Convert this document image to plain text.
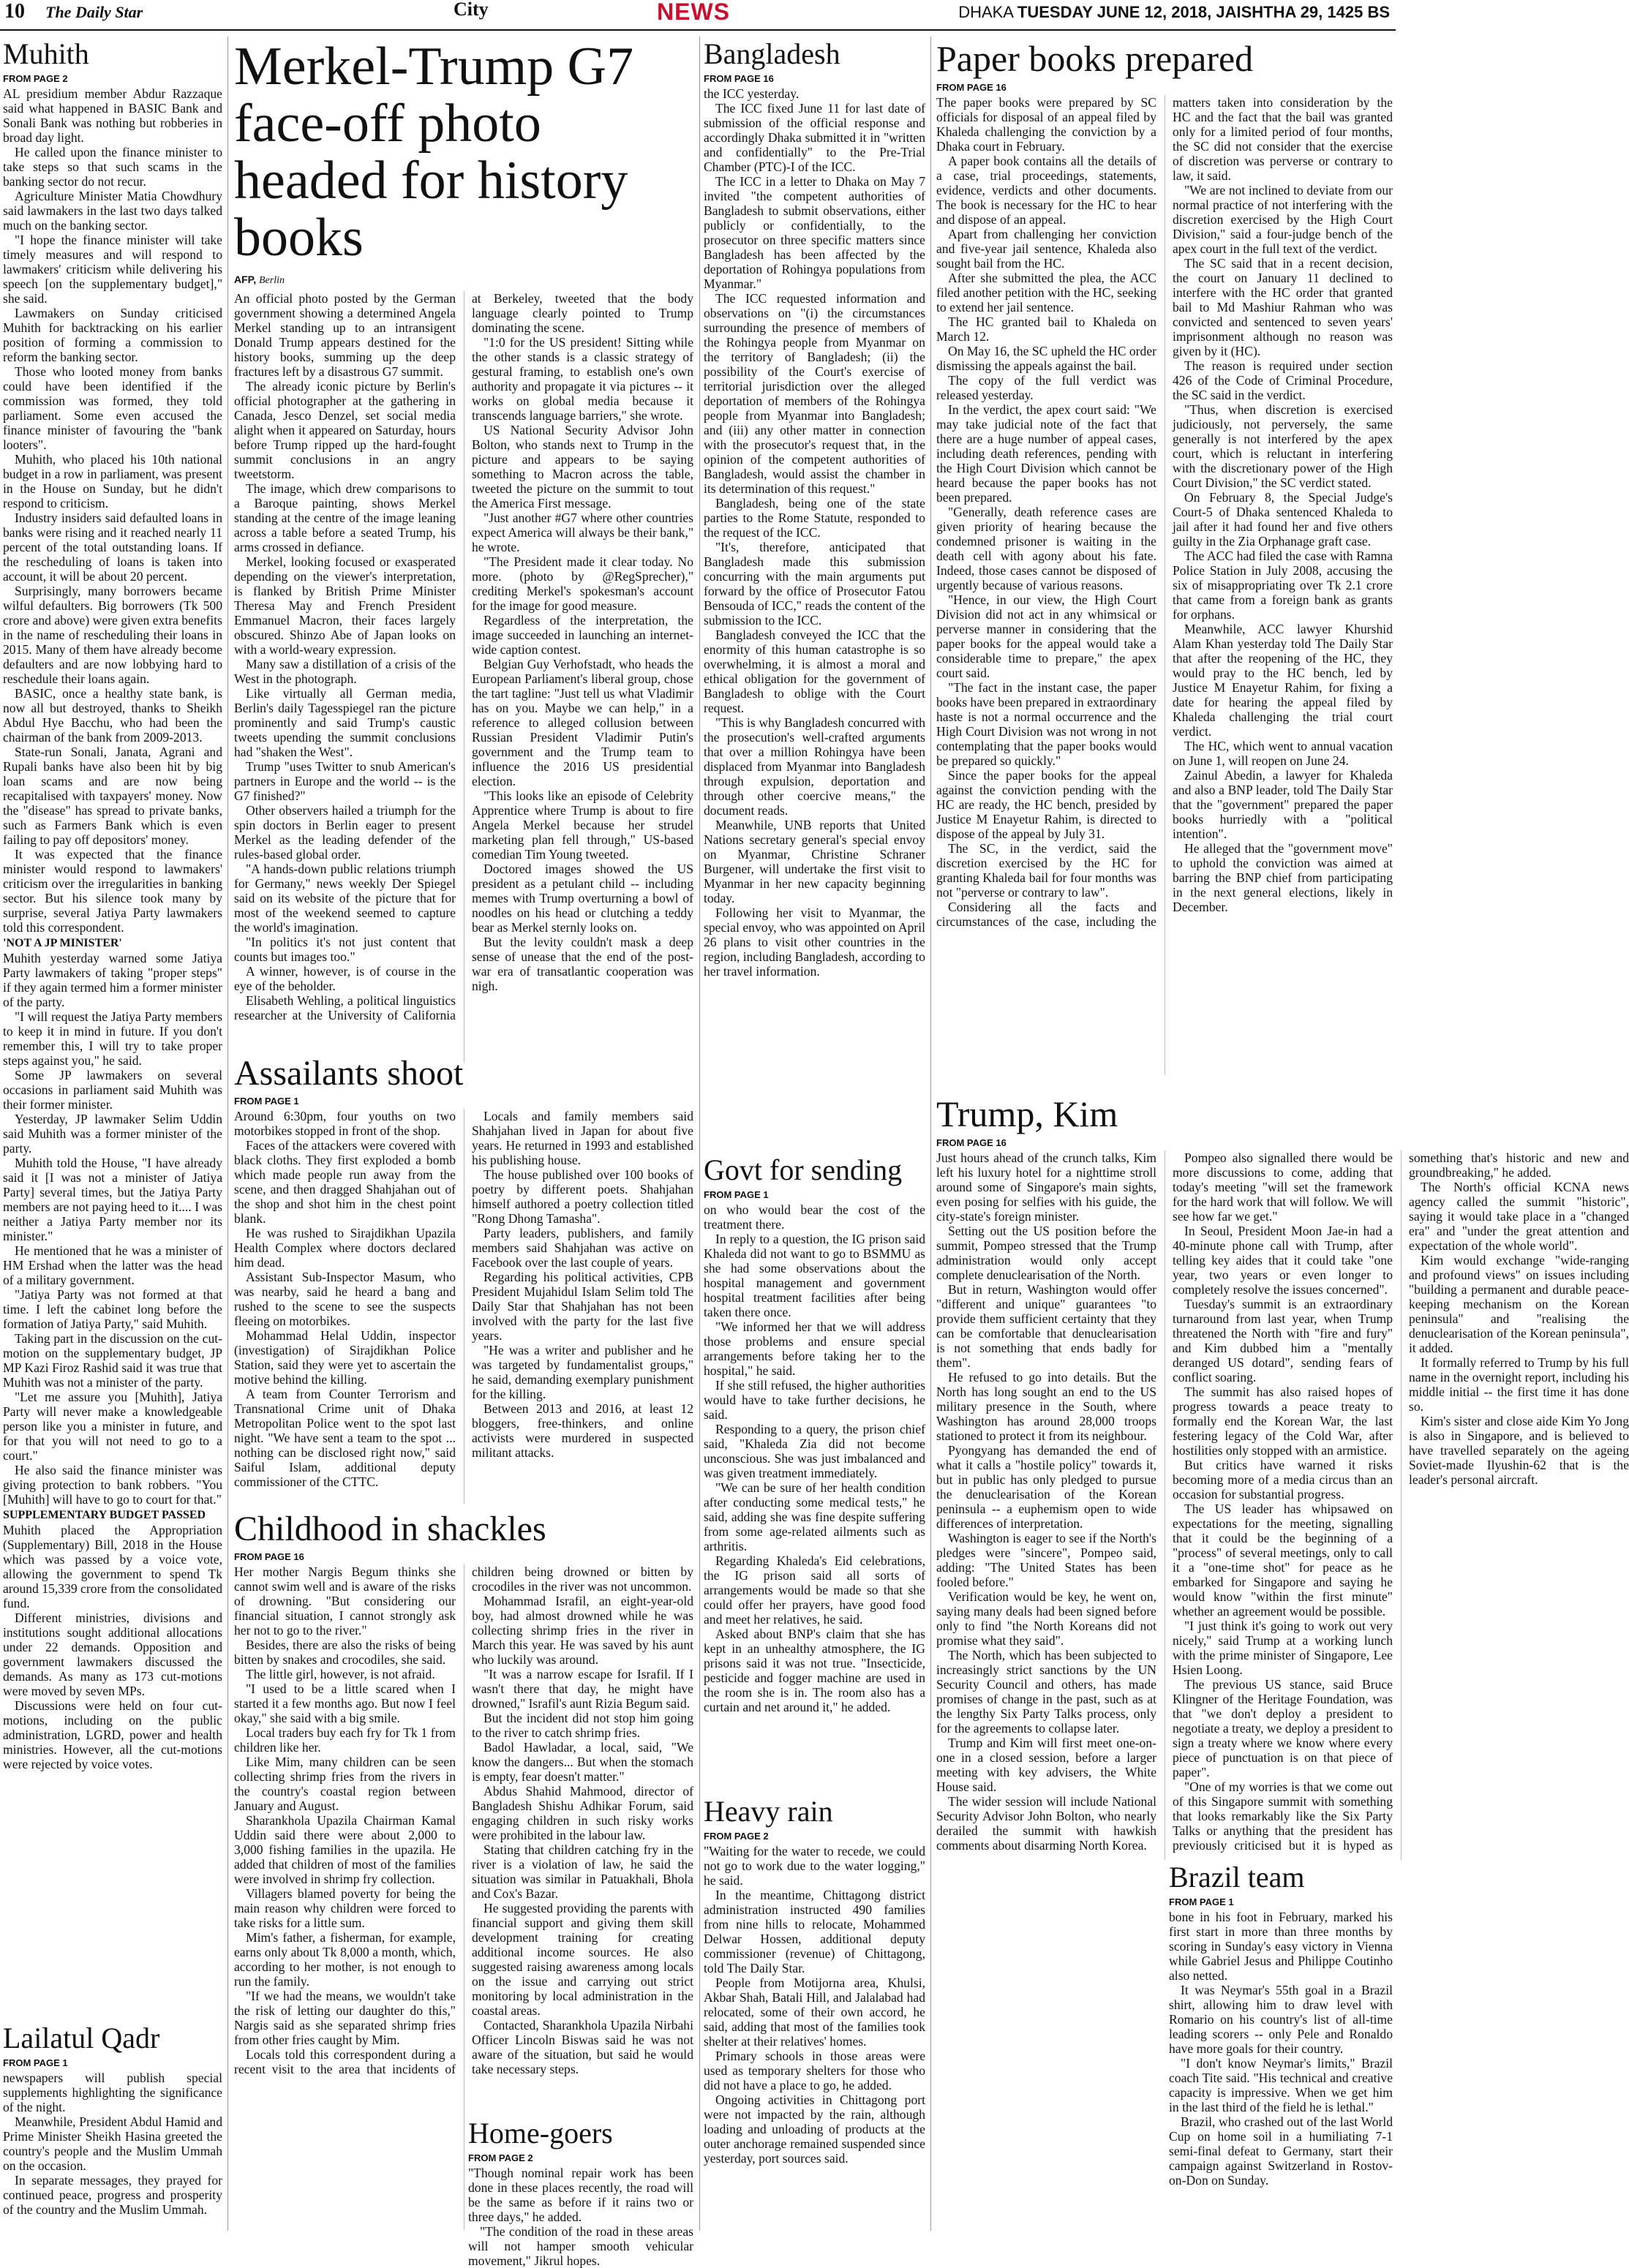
10 The Daily Star	City	NEWS	DHAKA TUESDAY JUNE 12, 2018, JAISHTHA 29, 1425 BS
Muhith
FROM PAGE 2

AL presidium member Abdur Razzaque said what happened in BASIC Bank and Sonali Bank was nothing but robberies in broad day light.

He called upon the finance minister to take steps so that such scams in the banking sector do not recur.

Agriculture Minister Matia Chowdhury said lawmakers in the last two days talked much on the banking sector.

"I hope the finance minister will take timely measures and will respond to lawmakers' criticism while delivering his speech [on the supplementary budget]," she said.

Lawmakers on Sunday criticised Muhith for backtracking on his earlier position of forming a commission to reform the banking sector.

Those who looted money from banks could have been identified if the commission was formed, they told parliament. Some even accused the finance minister of favouring the "bank looters".

Muhith, who placed his 10th national budget in a row in parliament, was present in the House on Sunday, but he didn't respond to criticism.

Industry insiders said defaulted loans in banks were rising and it reached nearly 11 percent of the total outstanding loans. If the rescheduling of loans is taken into account, it will be about 20 percent.

Surprisingly, many borrowers became wilful defaulters. Big borrowers (Tk 500 crore and above) were given extra benefits in the name of rescheduling their loans in 2015. Many of them have already become defaulters and are now lobbying hard to reschedule their loans again.

BASIC, once a healthy state bank, is now all but destroyed, thanks to Sheikh Abdul Hye Bacchu, who had been the chairman of the bank from 2009-2013.

State-run Sonali, Janata, Agrani and Rupali banks have also been hit by big loan scams and are now being recapitalised with taxpayers' money. Now the "disease" has spread to private banks, such as Farmers Bank which is even failing to pay off depositors' money.

It was expected that the finance minister would respond to lawmakers' criticism over the irregularities in banking sector. But his silence took many by surprise, several Jatiya Party lawmakers told this correspondent.

'NOT A JP MINISTER'

Muhith yesterday warned some Jatiya Party lawmakers of taking "proper steps" if they again termed him a former minister of the party.

"I will request the Jatiya Party members to keep it in mind in future. If you don't remember this, I will try to take proper steps against you," he said.

Some JP lawmakers on several occasions in parliament said Muhith was their former minister.

Yesterday, JP lawmaker Selim Uddin said Muhith was a former minister of the party.

Muhith told the House, "I have already said it [I was not a minister of Jatiya Party] several times, but the Jatiya Party members are not paying heed to it.... I was neither a Jatiya Party member nor its minister."

He mentioned that he was a minister of HM Ershad when the latter was the head of a military government.

"Jatiya Party was not formed at that time. I left the cabinet long before the formation of Jatiya Party," said Muhith.

Taking part in the discussion on the cut-motion on the supplementary budget, JP MP Kazi Firoz Rashid said it was true that Muhith was not a minister of the party.

"Let me assure you [Muhith], Jatiya Party will never make a knowledgeable person like you a minister in future, and for that you will not need to go to a court."

He also said the finance minister was giving protection to bank robbers. "You [Muhith] will have to go to court for that."

SUPPLEMENTARY BUDGET PASSED

Muhith placed the Appropriation (Supplementary) Bill, 2018 in the House which was passed by a voice vote, allowing the government to spend Tk around 15,339 crore from the consolidated fund.

Different ministries, divisions and institutions sought additional allocations under 22 demands. Opposition and government lawmakers discussed the demands. As many as 173 cut-motions were moved by seven MPs.

Discussions were held on four cut-motions, including on the public administration, LGRD, power and health ministries. However, all the cut-motions were rejected by voice votes.

Lailatul Qadr
FROM PAGE 1

newspapers will publish special supplements highlighting the significance of the night.

Meanwhile, President Abdul Hamid and Prime Minister Sheikh Hasina greeted the country's people and the Muslim Ummah on the occasion.

In separate messages, they prayed for continued peace, progress and prosperity of the country and the Muslim Ummah.

Merkel-Trump G7 face-off photo headed for history books
AFP, Berlin

An official photo posted by the German government showing a determined Angela Merkel standing up to an intransigent Donald Trump appears destined for the history books, summing up the deep fractures left by a disastrous G7 summit.

The already iconic picture by Berlin's official photographer at the gathering in Canada, Jesco Denzel, set social media alight when it appeared on Saturday, hours before Trump ripped up the hard-fought summit conclusions in an angry tweetstorm.

The image, which drew comparisons to a Baroque painting, shows Merkel standing at the centre of the image leaning across a table before a seated Trump, his arms crossed in defiance.

Merkel, looking focused or exasperated depending on the viewer's interpretation, is flanked by British Prime Minister Theresa May and French President Emmanuel Macron, their faces largely obscured. Shinzo Abe of Japan looks on with a world-weary expression.

Many saw a distillation of a crisis of the West in the photograph.

Like virtually all German media, Berlin's daily Tagesspiegel ran the picture prominently and said Trump's caustic tweets upending the summit conclusions had "shaken the West".

Trump "uses Twitter to snub American's partners in Europe and the world -- is the G7 finished?"

Other observers hailed a triumph for the spin doctors in Berlin eager to present Merkel as the leading defender of the rules-based global order.

"A hands-down public relations triumph for Germany," news weekly Der Spiegel said on its website of the picture that for most of the weekend seemed to capture the world's imagination.

"In politics it's not just content that counts but images too."

A winner, however, is of course in the eye of the beholder.

Elisabeth Wehling, a political linguistics researcher at the University of California at Berkeley, tweeted that the body language clearly pointed to Trump dominating the scene.

"1:0 for the US president! Sitting while the other stands is a classic strategy of gestural framing, to establish one's own authority and propagate it via pictures -- it works on global media because it transcends language barriers," she wrote.

US National Security Advisor John Bolton, who stands next to Trump in the picture and appears to be saying something to Macron across the table, tweeted the picture on the summit to tout the America First message.

"Just another #G7 where other countries expect America will always be their bank," he wrote.

"The President made it clear today. No more. (photo by @RegSprecher)," crediting Merkel's spokesman's account for the image for good measure.

Regardless of the interpretation, the image succeeded in launching an internet-wide caption contest.

Belgian Guy Verhofstadt, who heads the European Parliament's liberal group, chose the tart tagline: "Just tell us what Vladimir has on you. Maybe we can help," in a reference to alleged collusion between Russian President Vladimir Putin's government and the Trump team to influence the 2016 US presidential election.

"This looks like an episode of Celebrity Apprentice where Trump is about to fire Angela Merkel because her strudel marketing plan fell through," US-based comedian Tim Young tweeted.

Doctored images showed the US president as a petulant child -- including memes with Trump overturning a bowl of noodles on his head or clutching a teddy bear as Merkel sternly looks on.

But the levity couldn't mask a deep sense of unease that the end of the post-war era of transatlantic cooperation was nigh.

Assailants shoot
FROM PAGE 1

Around 6:30pm, four youths on two motorbikes stopped in front of the shop.

Faces of the attackers were covered with black cloths. They first exploded a bomb which made people run away from the scene, and then dragged Shahjahan out of the shop and shot him in the chest point blank.

He was rushed to Sirajdikhan Upazila Health Complex where doctors declared him dead.

Assistant Sub-Inspector Masum, who was nearby, said he heard a bang and rushed to the scene to see the suspects fleeing on motorbikes.

Mohammad Helal Uddin, inspector (investigation) of Sirajdikhan Police Station, said they were yet to ascertain the motive behind the killing.

A team from Counter Terrorism and Transnational Crime unit of Dhaka Metropolitan Police went to the spot last night. "We have sent a team to the spot ... nothing can be disclosed right now," said Saiful Islam, additional deputy commissioner of the CTTC.

Locals and family members said Shahjahan lived in Japan for about five years. He returned in 1993 and established his publishing house.

The house published over 100 books of poetry by different poets. Shahjahan himself authored a poetry collection titled "Rong Dhong Tamasha".

Party leaders, publishers, and family members said Shahjahan was active on Facebook over the last couple of years.

Regarding his political activities, CPB President Mujahidul Islam Selim told The Daily Star that Shahjahan has not been involved with the party for the last five years.

"He was a writer and publisher and he was targeted by fundamentalist groups," he said, demanding exemplary punishment for the killing.

Between 2013 and 2016, at least 12 bloggers, free-thinkers, and online activists were murdered in suspected militant attacks.

Childhood in shackles
FROM PAGE 16

Her mother Nargis Begum thinks she cannot swim well and is aware of the risks of drowning. "But considering our financial situation, I cannot strongly ask her not to go to the river."

Besides, there are also the risks of being bitten by snakes and crocodiles, she said.

The little girl, however, is not afraid.

"I used to be a little scared when I started it a few months ago. But now I feel okay," she said with a big smile.

Local traders buy each fry for Tk 1 from children like her.

Like Mim, many children can be seen collecting shrimp fries from the rivers in the country's coastal region between January and August.

Sharankhola Upazila Chairman Kamal Uddin said there were about 2,000 to 3,000 fishing families in the upazila. He added that children of most of the families were involved in shrimp fry collection.

Villagers blamed poverty for being the main reason why children were forced to take risks for a little sum.

Mim's father, a fisherman, for example, earns only about Tk 8,000 a month, which, according to her mother, is not enough to run the family.

"If we had the means, we wouldn't take the risk of letting our daughter do this," Nargis said as she separated shrimp fries from other fries caught by Mim.

Locals told this correspondent during a recent visit to the area that incidents of children being drowned or bitten by crocodiles in the river was not uncommon.

Mohammad Israfil, an eight-year-old boy, had almost drowned while he was collecting shrimp fries in the river in March this year. He was saved by his aunt who luckily was around.

"It was a narrow escape for Israfil. If I wasn't there that day, he might have drowned," Israfil's aunt Rizia Begum said.

But the incident did not stop him going to the river to catch shrimp fries.

Badol Hawladar, a local, said, "We know the dangers... But when the stomach is empty, fear doesn't matter."

Abdus Shahid Mahmood, director of Bangladesh Shishu Adhikar Forum, said engaging children in such risky works were prohibited in the labour law.

Stating that children catching fry in the river is a violation of law, he said the situation was similar in Patuakhali, Bhola and Cox's Bazar.

He suggested providing the parents with financial support and giving them skill development training for creating additional income sources. He also suggested raising awareness among locals on the issue and carrying out strict monitoring by local administration in the coastal areas.

Contacted, Sharankhola Upazila Nirbahi Officer Lincoln Biswas said he was not aware of the situation, but said he would take necessary steps.

Bangladesh
FROM PAGE 16

the ICC yesterday.

The ICC fixed June 11 for last date of submission of the official response and accordingly Dhaka submitted it in "written and confidentially" to the Pre-Trial Chamber (PTC)-I of the ICC.

The ICC in a letter to Dhaka on May 7 invited "the competent authorities of Bangladesh to submit observations, either publicly or confidentially, to the prosecutor on three specific matters since Bangladesh has been affected by the deportation of Rohingya populations from Myanmar."

The ICC requested information and observations on "(i) the circumstances surrounding the presence of members of the Rohingya people from Myanmar on the territory of Bangladesh; (ii) the possibility of the Court's exercise of territorial jurisdiction over the alleged deportation of members of the Rohingya people from Myanmar into Bangladesh; and (iii) any other matter in connection with the prosecutor's request that, in the opinion of the competent authorities of Bangladesh, would assist the chamber in its determination of this request."

Bangladesh, being one of the state parties to the Rome Statute, responded to the request of the ICC.

"It's, therefore, anticipated that Bangladesh made this submission concurring with the main arguments put forward by the office of Prosecutor Fatou Bensouda of ICC," reads the content of the submission to the ICC.

Bangladesh conveyed the ICC that the enormity of this human catastrophe is so overwhelming, it is almost a moral and ethical obligation for the government of Bangladesh to oblige with the Court request.

"This is why Bangladesh concurred with the prosecution's well-crafted arguments that over a million Rohingya have been displaced from Myanmar into Bangladesh through expulsion, deportation and through other coercive means," the document reads.

Meanwhile, UNB reports that United Nations secretary general's special envoy on Myanmar, Christine Schraner Burgener, will undertake the first visit to Myanmar in her new capacity beginning today.

Following her visit to Myanmar, the special envoy, who was appointed on April 26 plans to visit other countries in the region, including Bangladesh, according to her travel information.

Govt for sending
FROM PAGE 1

on who would bear the cost of the treatment there.

In reply to a question, the IG prison said Khaleda did not want to go to BSMMU as she had some observations about the hospital management and government hospital treatment facilities after being taken there once.

"We informed her that we will address those problems and ensure special arrangements before taking her to the hospital," he said.

If she still refused, the higher authorities would have to take further decisions, he said.

Responding to a query, the prison chief said, "Khaleda Zia did not become unconscious. She was just imbalanced and was given treatment immediately.

"We can be sure of her health condition after conducting some medical tests," he said, adding she was fine despite suffering from some age-related ailments such as arthritis.

Regarding Khaleda's Eid celebrations, the IG prison said all sorts of arrangements would be made so that she could offer her prayers, have good food and meet her relatives, he said.

Asked about BNP's claim that she has kept in an unhealthy atmosphere, the IG prisons said it was not true. "Insecticide, pesticide and fogger machine are used in the room she is in. The room also has a curtain and net around it," he added.

Heavy rain
FROM PAGE 2

"Waiting for the water to recede, we could not go to work due to the water logging," he said.

In the meantime, Chittagong district administration instructed 490 families from nine hills to relocate, Mohammed Delwar Hossen, additional deputy commissioner (revenue) of Chittagong, told The Daily Star.

People from Motijorna area, Khulsi, Akbar Shah, Batali Hill, and Jalalabad had relocated, some of their own accord, he said, adding that most of the families took shelter at their relatives' homes.

Primary schools in those areas were used as temporary shelters for those who did not have a place to go, he added.

Ongoing activities in Chittagong port were not impacted by the rain, although loading and unloading of products at the outer anchorage remained suspended since yesterday, port sources said.

Home-goers
FROM PAGE 2

"Though nominal repair work has been done in these places recently, the road will be the same as before if it rains two or three days," he added.

"The condition of the road in these areas will not hamper smooth vehicular movement," Jikrul hopes.

Paper books prepared
FROM PAGE 16

The paper books were prepared by SC officials for disposal of an appeal filed by Khaleda challenging the conviction by a Dhaka court in February.

A paper book contains all the details of a case, trial proceedings, statements, evidence, verdicts and other documents. The book is necessary for the HC to hear and dispose of an appeal.

Apart from challenging her conviction and five-year jail sentence, Khaleda also sought bail from the HC.

After she submitted the plea, the ACC filed another petition with the HC, seeking to extend her jail sentence.

The HC granted bail to Khaleda on March 12.

On May 16, the SC upheld the HC order dismissing the appeals against the bail.

The copy of the full verdict was released yesterday.

In the verdict, the apex court said: "We may take judicial note of the fact that there are a huge number of appeal cases, including death references, pending with the High Court Division which cannot be heard because the paper books has not been prepared.

"Generally, death reference cases are given priority of hearing because the condemned prisoner is waiting in the death cell with agony about his fate. Indeed, those cases cannot be disposed of urgently because of various reasons.

"Hence, in our view, the High Court Division did not act in any whimsical or perverse manner in considering that the paper books for the appeal would take a considerable time to prepare," the apex court said.

"The fact in the instant case, the paper books have been prepared in extraordinary haste is not a normal occurrence and the High Court Division was not wrong in not contemplating that the paper books would be prepared so quickly."

Since the paper books for the appeal against the conviction pending with the HC are ready, the HC bench, presided by Justice M Enayetur Rahim, is directed to dispose of the appeal by July 31.

The SC, in the verdict, said the discretion exercised by the HC for granting Khaleda bail for four months was not "perverse or contrary to law".

Considering all the facts and circumstances of the case, including the matters taken into consideration by the HC and the fact that the bail was granted only for a limited period of four months, the SC did not consider that the exercise of discretion was perverse or contrary to law, it said.

"We are not inclined to deviate from our normal practice of not interfering with the discretion exercised by the High Court Division," said a four-judge bench of the apex court in the full text of the verdict.

The SC said that in a recent decision, the court on January 11 declined to interfere with the HC order that granted bail to Md Mashiur Rahman who was convicted and sentenced to seven years' imprisonment although no reason was given by it (HC).

The reason is required under section 426 of the Code of Criminal Procedure, the SC said in the verdict.

"Thus, when discretion is exercised judiciously, not perversely, the same generally is not interfered by the apex court, which is reluctant in interfering with the discretionary power of the High Court Division," the SC verdict stated.

On February 8, the Special Judge's Court-5 of Dhaka sentenced Khaleda to jail after it had found her and five others guilty in the Zia Orphanage graft case.

The ACC had filed the case with Ramna Police Station in July 2008, accusing the six of misappropriating over Tk 2.1 crore that came from a foreign bank as grants for orphans.

Meanwhile, ACC lawyer Khurshid Alam Khan yesterday told The Daily Star that after the reopening of the HC, they would pray to the HC bench, led by Justice M Enayetur Rahim, for fixing a date for hearing the appeal filed by Khaleda challenging the trial court verdict.

The HC, which went to annual vacation on June 1, will reopen on June 24.

Zainul Abedin, a lawyer for Khaleda and also a BNP leader, told The Daily Star that the "government" prepared the paper books hurriedly with a "political intention".

He alleged that the "government move" to uphold the conviction was aimed at barring the BNP chief from participating in the next general elections, likely in December.

Trump, Kim
FROM PAGE 16

Just hours ahead of the crunch talks, Kim left his luxury hotel for a nighttime stroll around some of Singapore's main sights, even posing for selfies with his guide, the city-state's foreign minister.

Setting out the US position before the summit, Pompeo stressed that the Trump administration would only accept complete denuclearisation of the North.

But in return, Washington would offer "different and unique" guarantees "to provide them sufficient certainty that they can be comfortable that denuclearisation is not something that ends badly for them".

He refused to go into details. But the North has long sought an end to the US military presence in the South, where Washington has around 28,000 troops stationed to protect it from its neighbour.

Pyongyang has demanded the end of what it calls a "hostile policy" towards it, but in public has only pledged to pursue the denuclearisation of the Korean peninsula -- a euphemism open to wide differences of interpretation.

Washington is eager to see if the North's pledges were "sincere", Pompeo said, adding: "The United States has been fooled before."

Verification would be key, he went on, saying many deals had been signed before only to find "the North Koreans did not promise what they said".

The North, which has been subjected to increasingly strict sanctions by the UN Security Council and others, has made promises of change in the past, such as at the lengthy Six Party Talks process, only for the agreements to collapse later.

Trump and Kim will first meet one-on-one in a closed session, before a larger meeting with key advisers, the White House said.

The wider session will include National Security Advisor John Bolton, who nearly derailed the summit with hawkish comments about disarming North Korea.

Pompeo also signalled there would be more discussions to come, adding that today's meeting "will set the framework for the hard work that will follow. We will see how far we get."

In Seoul, President Moon Jae-in had a 40-minute phone call with Trump, after telling key aides that it could take "one year, two years or even longer to completely resolve the issues concerned".

Tuesday's summit is an extraordinary turnaround from last year, when Trump threatened the North with "fire and fury" and Kim dubbed him a "mentally deranged US dotard", sending fears of conflict soaring.

The summit has also raised hopes of progress towards a peace treaty to formally end the Korean War, the last festering legacy of the Cold War, after hostilities only stopped with an armistice.

But critics have warned it risks becoming more of a media circus than an occasion for substantial progress.

The US leader has whipsawed on expectations for the meeting, signalling that it could be the beginning of a "process" of several meetings, only to call it a "one-time shot" for peace as he embarked for Singapore and saying he would know "within the first minute" whether an agreement would be possible.

"I just think it's going to work out very nicely," said Trump at a working lunch with the prime minister of Singapore, Lee Hsien Loong.

The previous US stance, said Bruce Klingner of the Heritage Foundation, was that "we don't deploy a president to negotiate a treaty, we deploy a president to sign a treaty where we know where every piece of punctuation is on that piece of paper".

"One of my worries is that we come out of this Singapore summit with something that looks remarkably like the Six Party Talks or anything that the president has previously criticised but it is hyped as something that's historic and new and groundbreaking," he added.

The North's official KCNA news agency called the summit "historic", saying it would take place in a "changed era" and "under the great attention and expectation of the whole world".

Kim would exchange "wide-ranging and profound views" on issues including "building a permanent and durable peace-keeping mechanism on the Korean peninsula" and "realising the denuclearisation of the Korean peninsula", it added.

It formally referred to Trump by his full name in the overnight report, including his middle initial -- the first time it has done so.

Kim's sister and close aide Kim Yo Jong is also in Singapore, and is believed to have travelled separately on the ageing Soviet-made Ilyushin-62 that is the leader's personal aircraft.

Brazil team
FROM PAGE 1

bone in his foot in February, marked his first start in more than three months by scoring in Sunday's easy victory in Vienna while Gabriel Jesus and Philippe Coutinho also netted.

It was Neymar's 55th goal in a Brazil shirt, allowing him to draw level with Romario on his country's list of all-time leading scorers -- only Pele and Ronaldo have more goals for their country.

"I don't know Neymar's limits," Brazil coach Tite said. "His technical and creative capacity is impressive. When we get him in the last third of the field he is lethal."

Brazil, who crashed out of the last World Cup on home soil in a humiliating 7-1 semi-final defeat to Germany, start their campaign against Switzerland in Rostov-on-Don on Sunday.
